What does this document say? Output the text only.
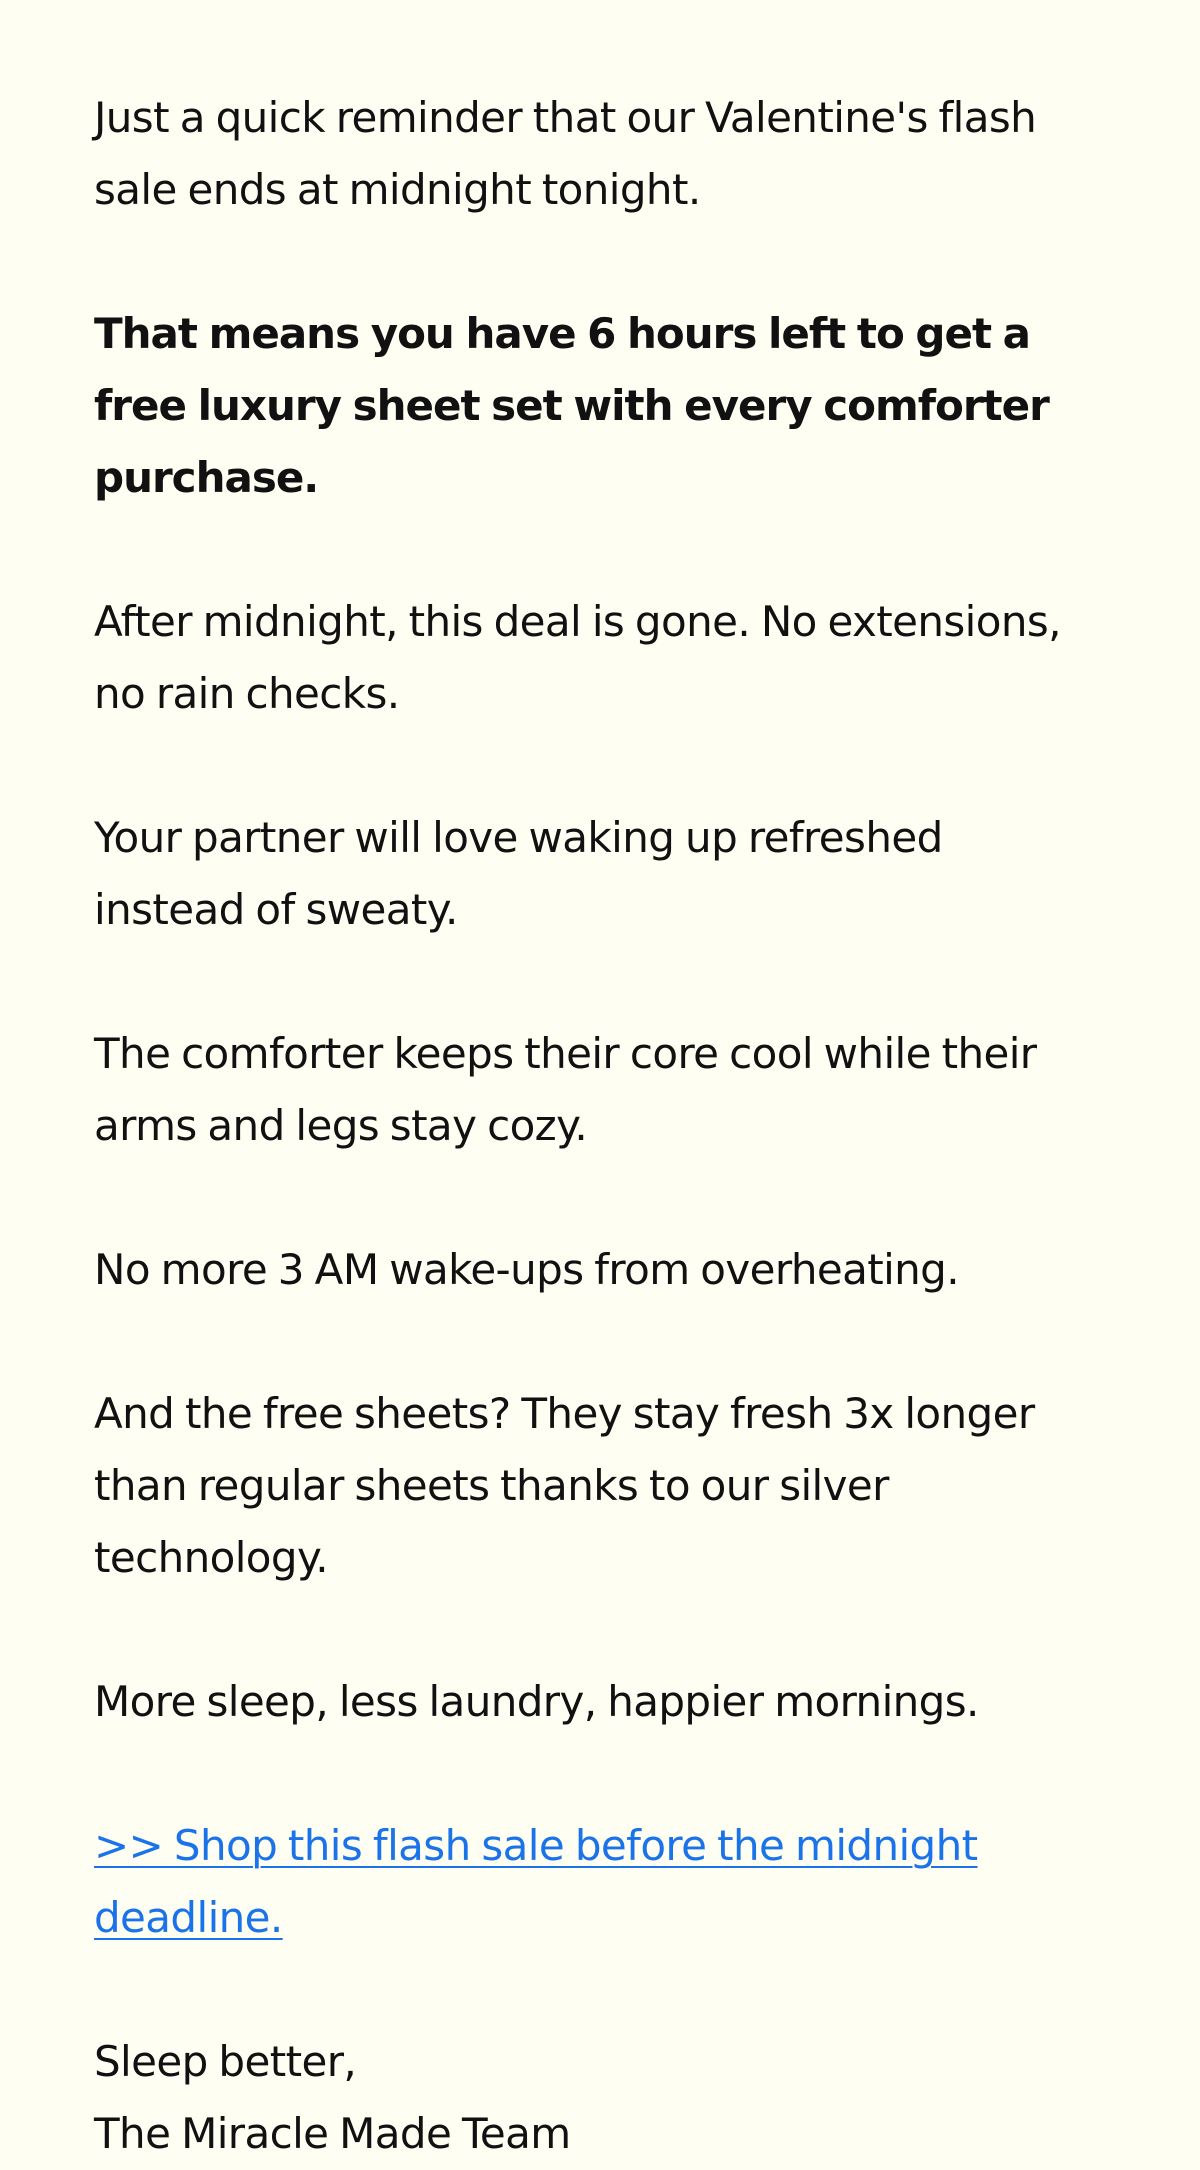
Just a quick reminder that our Valentine's flash sale ends at midnight tonight.

That means you have 6 hours left to get a free luxury sheet set with every comforter purchase.

After midnight, this deal is gone. No extensions, no rain checks.

Your partner will love waking up refreshed instead of sweaty.

The comforter keeps their core cool while their arms and legs stay cozy.

No more 3 AM wake-ups from overheating.

And the free sheets? They stay fresh 3x longer than regular sheets thanks to our silver technology.

More sleep, less laundry, happier mornings.

>> Shop this flash sale before the midnight deadline.

Sleep better,
The Miracle Made Team
